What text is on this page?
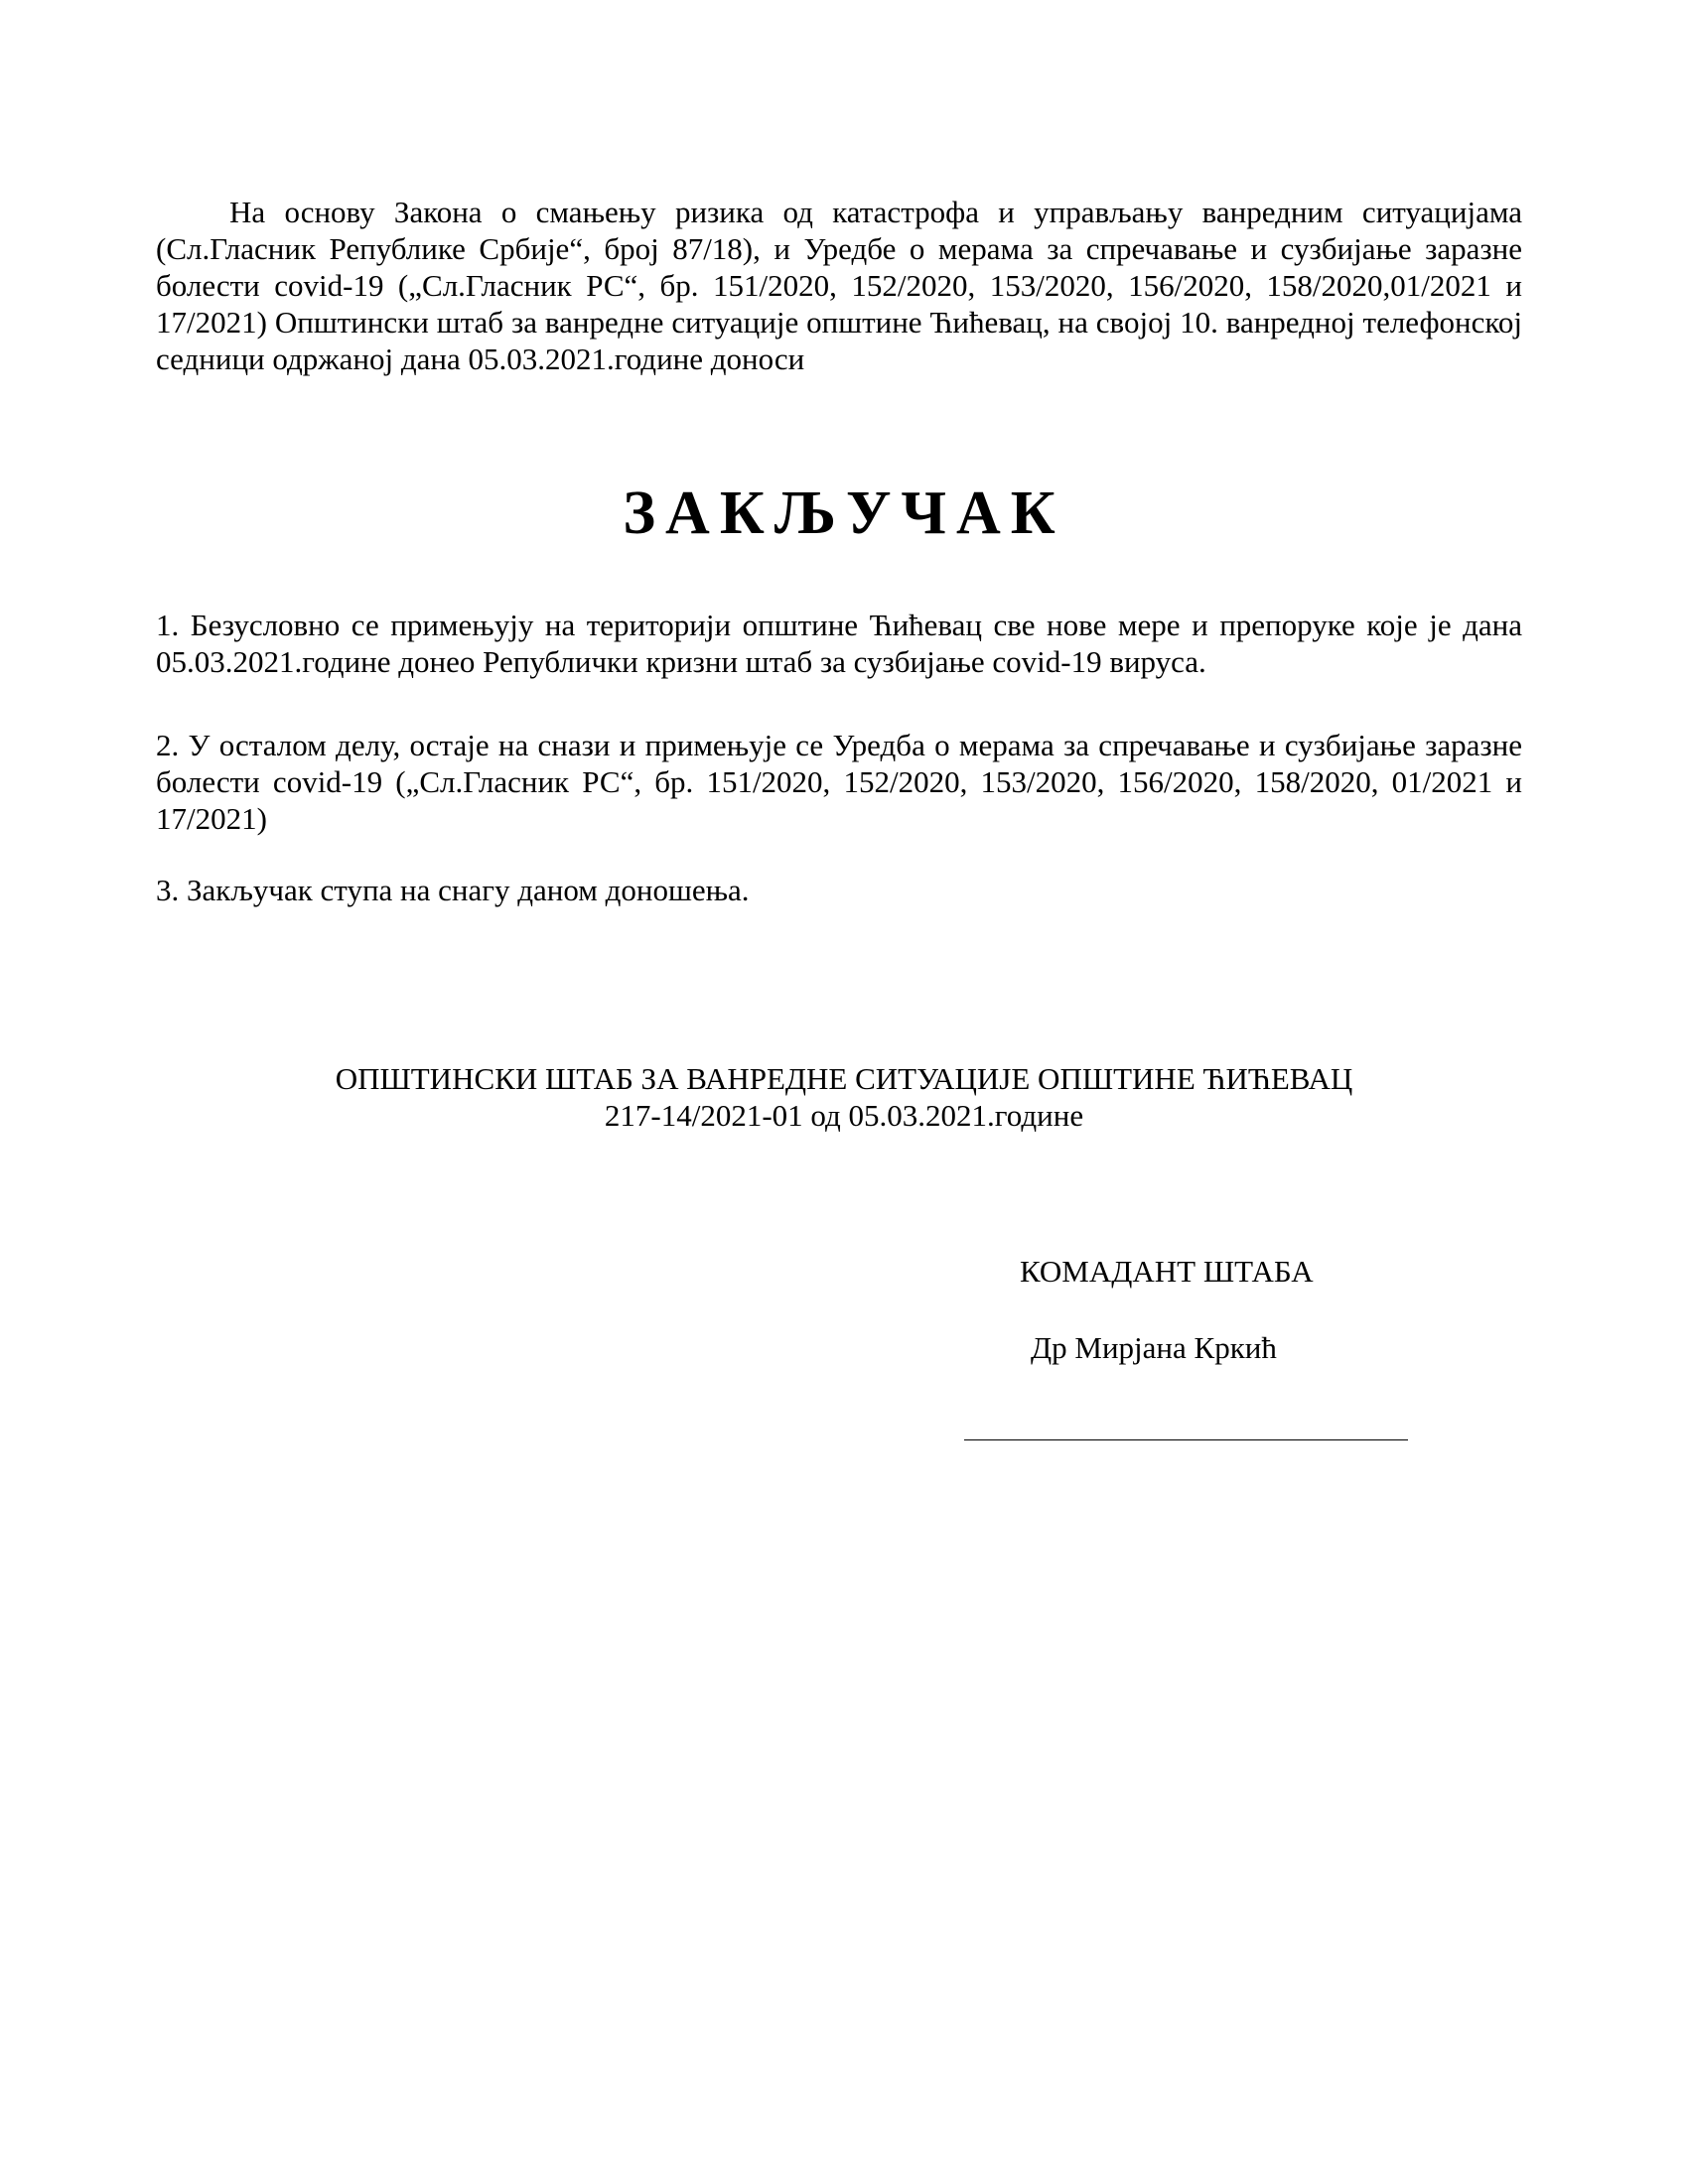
На основу Закона о смањењу ризика од катастрофа и управљању ванредним ситуацијама (Сл.Гласник Републике Србије“, број 87/18), и Уредбе о мерама за спречавање и сузбијање заразне болести covid-19 („Сл.Гласник РС“, бр. 151/2020, 152/2020, 153/2020, 156/2020, 158/2020,01/2021 и 17/2021) Општински штаб за ванредне ситуације општине Ћићевац, на својој 10. ванредној телефонској седници одржаној дана 05.03.2021.године доноси

ЗАКЉУЧАК

1. Безусловно се примењују на територији општине Ћићевац све нове мере и препоруке које је дана 05.03.2021.године донео Републички кризни штаб за сузбијање covid-19 вируса.

2. У осталом делу, остаје на снази и примењује се Уредба о мерама за спречавање и сузбијање заразне болести covid-19 („Сл.Гласник РС“, бр. 151/2020, 152/2020, 153/2020, 156/2020, 158/2020, 01/2021 и 17/2021)

3. Закључак ступа на снагу даном доношења.

ОПШТИНСКИ ШТАБ ЗА ВАНРЕДНЕ СИТУАЦИЈЕ ОПШТИНЕ ЋИЋЕВАЦ
217-14/2021-01 од 05.03.2021.године

КОМАДАНТ ШТАБА

Др Мирјана Кркић
